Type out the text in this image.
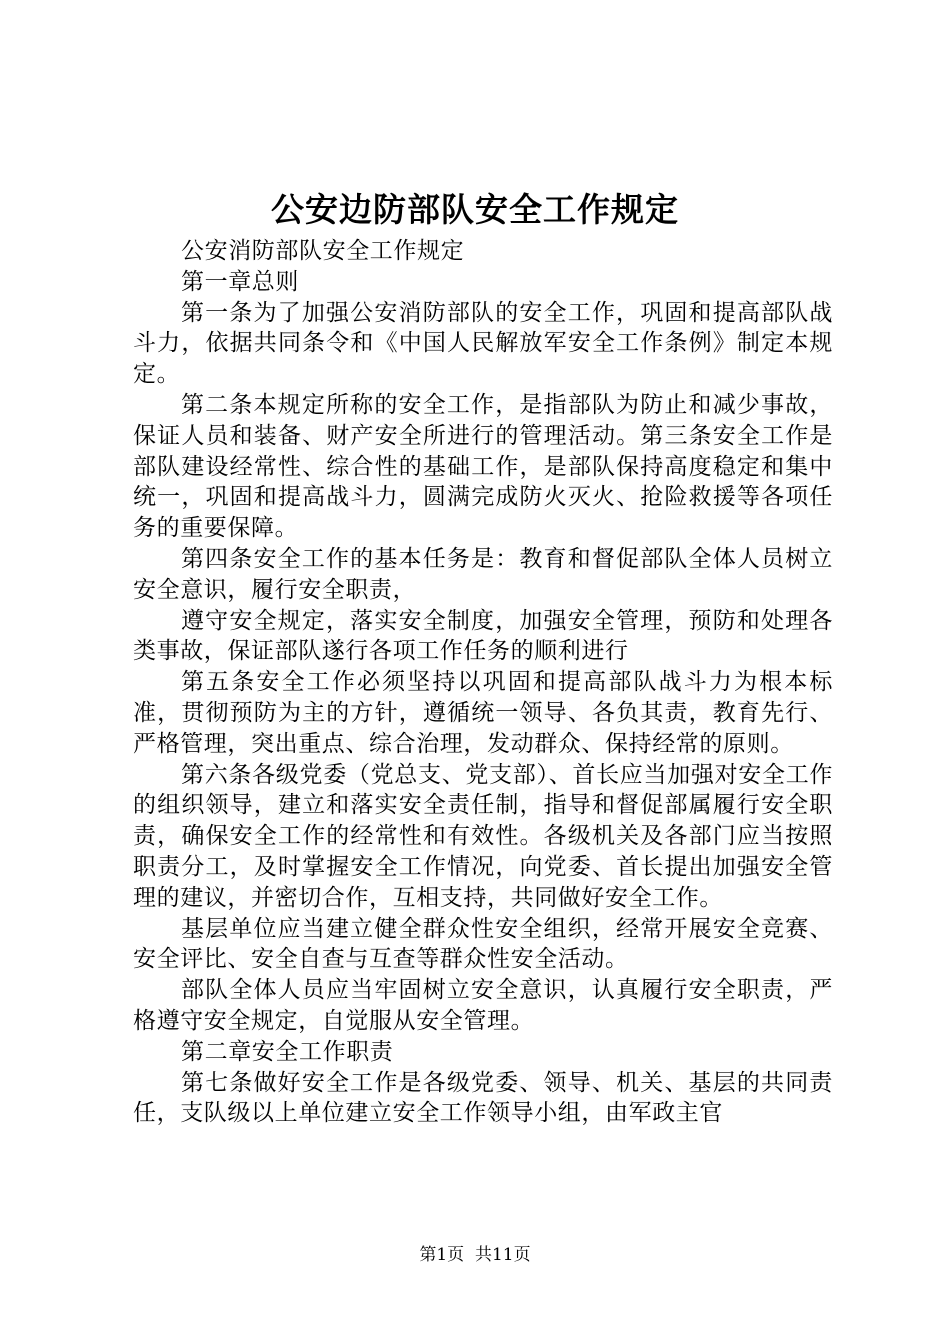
公安边防部队安全工作规定

公安消防部队安全工作规定

第一章总则

第一条为了加强公安消防部队的安全工作，巩固和提高部队战斗力，依据共同条令和《中国人民解放军安全工作条例》制定本规定。

第二条本规定所称的安全工作，是指部队为防止和减少事故，保证人员和装备、财产安全所进行的管理活动。第三条安全工作是部队建设经常性、综合性的基础工作，是部队保持高度稳定和集中统一，巩固和提高战斗力，圆满完成防火灭火、抢险救援等各项任务的重要保障。

第四条安全工作的基本任务是：教育和督促部队全体人员树立安全意识，履行安全职责，

遵守安全规定，落实安全制度，加强安全管理，预防和处理各类事故，保证部队遂行各项工作任务的顺利进行

第五条安全工作必须坚持以巩固和提高部队战斗力为根本标准，贯彻预防为主的方针，遵循统一领导、各负其责，教育先行、严格管理，突出重点、综合治理，发动群众、保持经常的原则。

第六条各级党委（党总支、党支部）、首长应当加强对安全工作的组织领导，建立和落实安全责任制，指导和督促部属履行安全职责，确保安全工作的经常性和有效性。各级机关及各部门应当按照职责分工，及时掌握安全工作情况，向党委、首长提出加强安全管理的建议，并密切合作，互相支持，共同做好安全工作。

基层单位应当建立健全群众性安全组织，经常开展安全竞赛、安全评比、安全自查与互查等群众性安全活动。

部队全体人员应当牢固树立安全意识，认真履行安全职责，严格遵守安全规定，自觉服从安全管理。

第二章安全工作职责

第七条做好安全工作是各级党委、领导、机关、基层的共同责任，支队级以上单位建立安全工作领导小组，由军政主官

第1页  共11页
